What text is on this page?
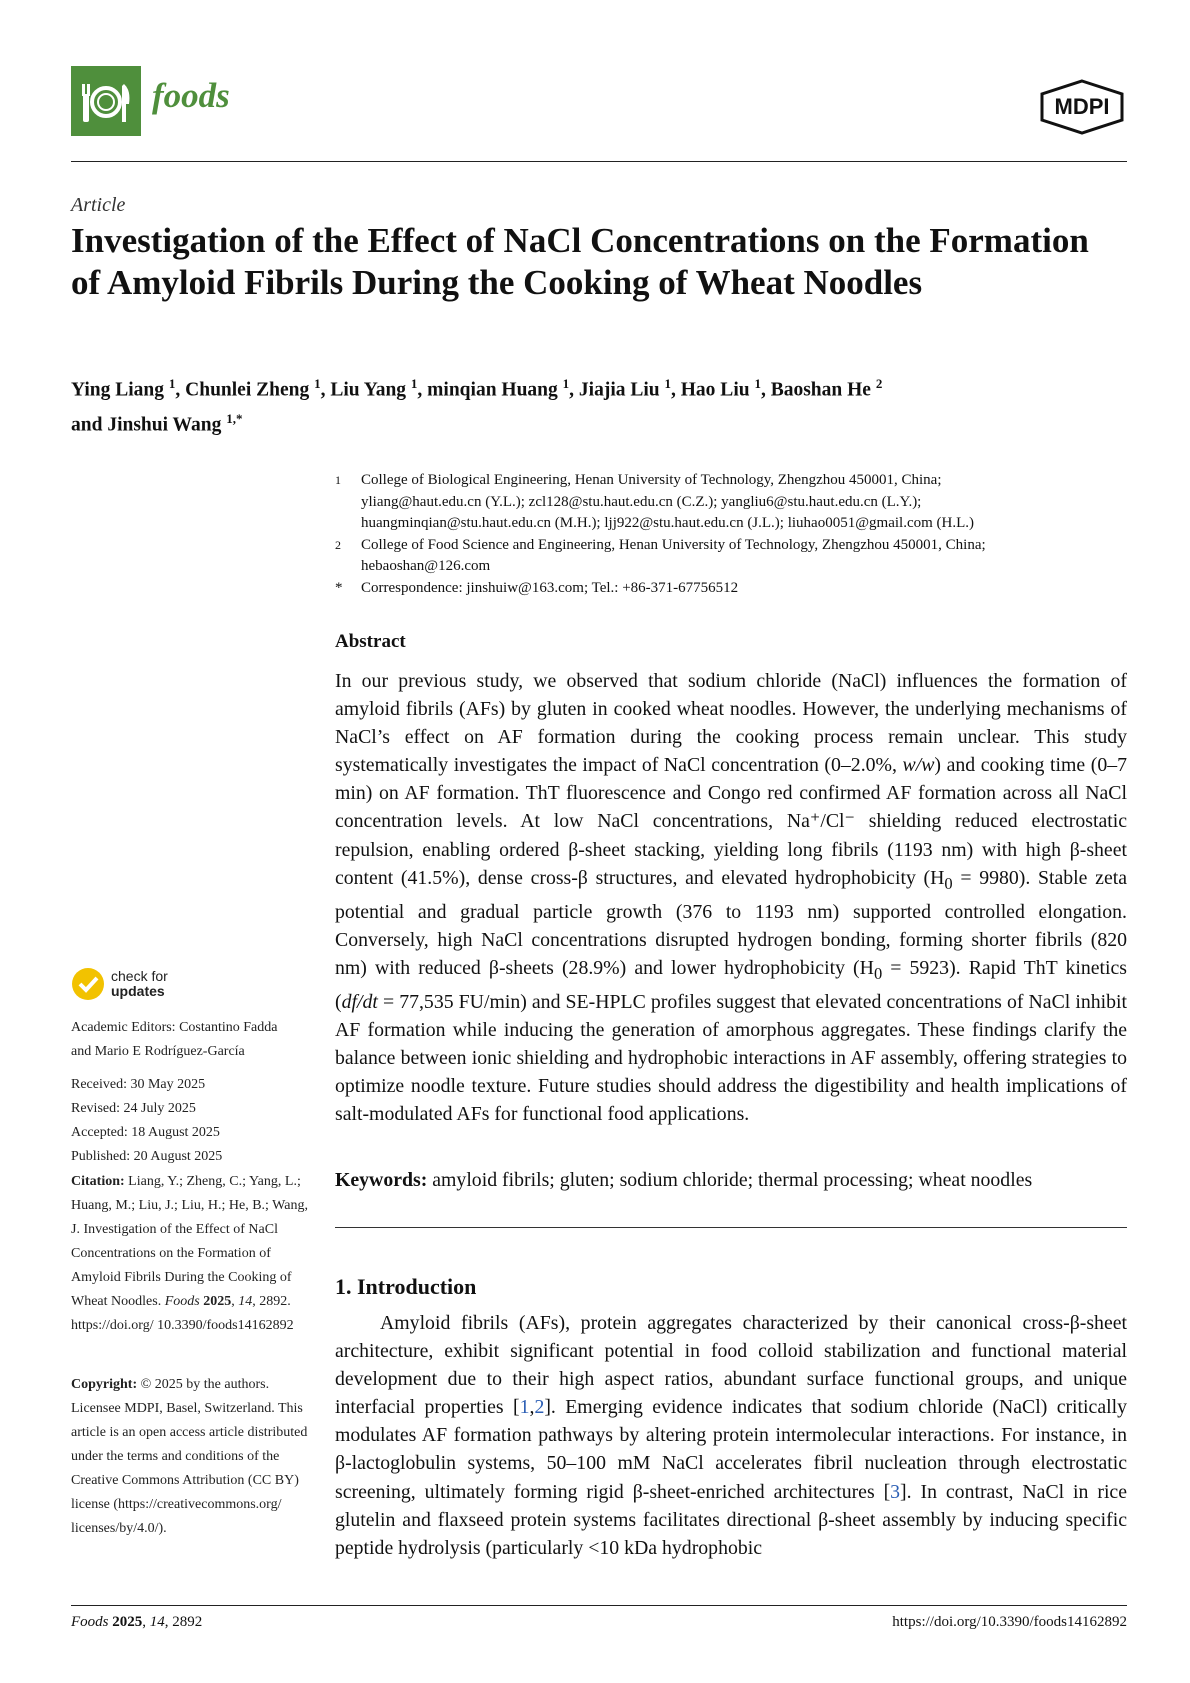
foods	MDPI
Article
Investigation of the Effect of NaCl Concentrations on the Formation of Amyloid Fibrils During the Cooking of Wheat Noodles
Ying Liang $^1$, Chunlei Zheng $^1$, Liu Yang $^1$, minqian Huang $^1$, Jiajia Liu $^1$, Hao Liu $^1$, Baoshan He $^2$
and Jinshui Wang $^{1,*}$
1	College of Biological Engineering, Henan University of Technology, Zhengzhou 450001, China;
yliang@haut.edu.cn (Y.L.); zcl128@stu.haut.edu.cn (C.Z.); yangliu6@stu.haut.edu.cn (L.Y.);
huangminqian@stu.haut.edu.cn (M.H.); ljj922@stu.haut.edu.cn (J.L.); liuhao0051@gmail.com (H.L.)
2	College of Food Science and Engineering, Henan University of Technology, Zhengzhou 450001, China;
hebaoshan@126.com
*	Correspondence: jinshuiw@163.com; Tel.: +86-371-67756512
Abstract
In our previous study, we observed that sodium chloride (NaCl) influences the formation of amyloid fibrils (AFs) by gluten in cooked wheat noodles. However, the underlying mechanisms of NaCl’s effect on AF formation during the cooking process remain unclear. This study systematically investigates the impact of NaCl concentration (0–2.0%, w/w) and cooking time (0–7 min) on AF formation. ThT fluorescence and Congo red confirmed AF formation across all NaCl concentration levels. At low NaCl concentrations, Na⁺/Cl⁻ shielding reduced electrostatic repulsion, enabling ordered β-sheet stacking, yielding long fibrils (1193 nm) with high β-sheet content (41.5%), dense cross-β structures, and elevated hydrophobicity $(H_0 = 9980)$. Stable zeta potential and gradual particle growth (376 to 1193 nm) supported controlled elongation. Conversely, high NaCl concentrations disrupted hydrogen bonding, forming shorter fibrils (820 nm) with reduced β-sheets (28.9%) and lower hydrophobicity $(H_0 = 5923)$. Rapid ThT kinetics (df/dt = 77,535 FU/min) and SE-HPLC profiles suggest that elevated concentrations of NaCl inhibit AF formation while inducing the generation of amorphous aggregates. These findings clarify the balance between ionic shielding and hydrophobic interactions in AF assembly, offering strategies to optimize noodle texture. Future studies should address the digestibility and health implications of salt-modulated AFs for functional food applications.
Keywords: amyloid fibrils; gluten; sodium chloride; thermal processing; wheat noodles
1. Introduction
Amyloid fibrils (AFs), protein aggregates characterized by their canonical cross-β-sheet architecture, exhibit significant potential in food colloid stabilization and functional material development due to their high aspect ratios, abundant surface functional groups, and unique interfacial properties [1,2]. Emerging evidence indicates that sodium chloride (NaCl) critically modulates AF formation pathways by altering protein intermolecular interactions. For instance, in β-lactoglobulin systems, 50–100 mM NaCl accelerates fibril nucleation through electrostatic screening, ultimately forming rigid β-sheet-enriched architectures [3]. In contrast, NaCl in rice glutelin and flaxseed protein systems facilitates directional β-sheet assembly by inducing specific peptide hydrolysis (particularly <10 kDa hydrophobic
check for
updates
Academic Editors: Costantino Fadda
and Mario E Rodríguez-García
Received: 30 May 2025
Revised: 24 July 2025
Accepted: 18 August 2025
Published: 20 August 2025
Citation: Liang, Y.; Zheng, C.; Yang, L.; Huang, M.; Liu, J.; Liu, H.; He, B.; Wang, J. Investigation of the Effect of NaCl Concentrations on the Formation of Amyloid Fibrils During the Cooking of Wheat Noodles. Foods 2025, 14, 2892. https://doi.org/ 10.3390/foods14162892
Copyright: © 2025 by the authors. Licensee MDPI, Basel, Switzerland. This article is an open access article distributed under the terms and conditions of the Creative Commons Attribution (CC BY) license (https://creativecommons.org/ licenses/by/4.0/).
Foods 2025, 14, 2892	https://doi.org/10.3390/foods14162892
